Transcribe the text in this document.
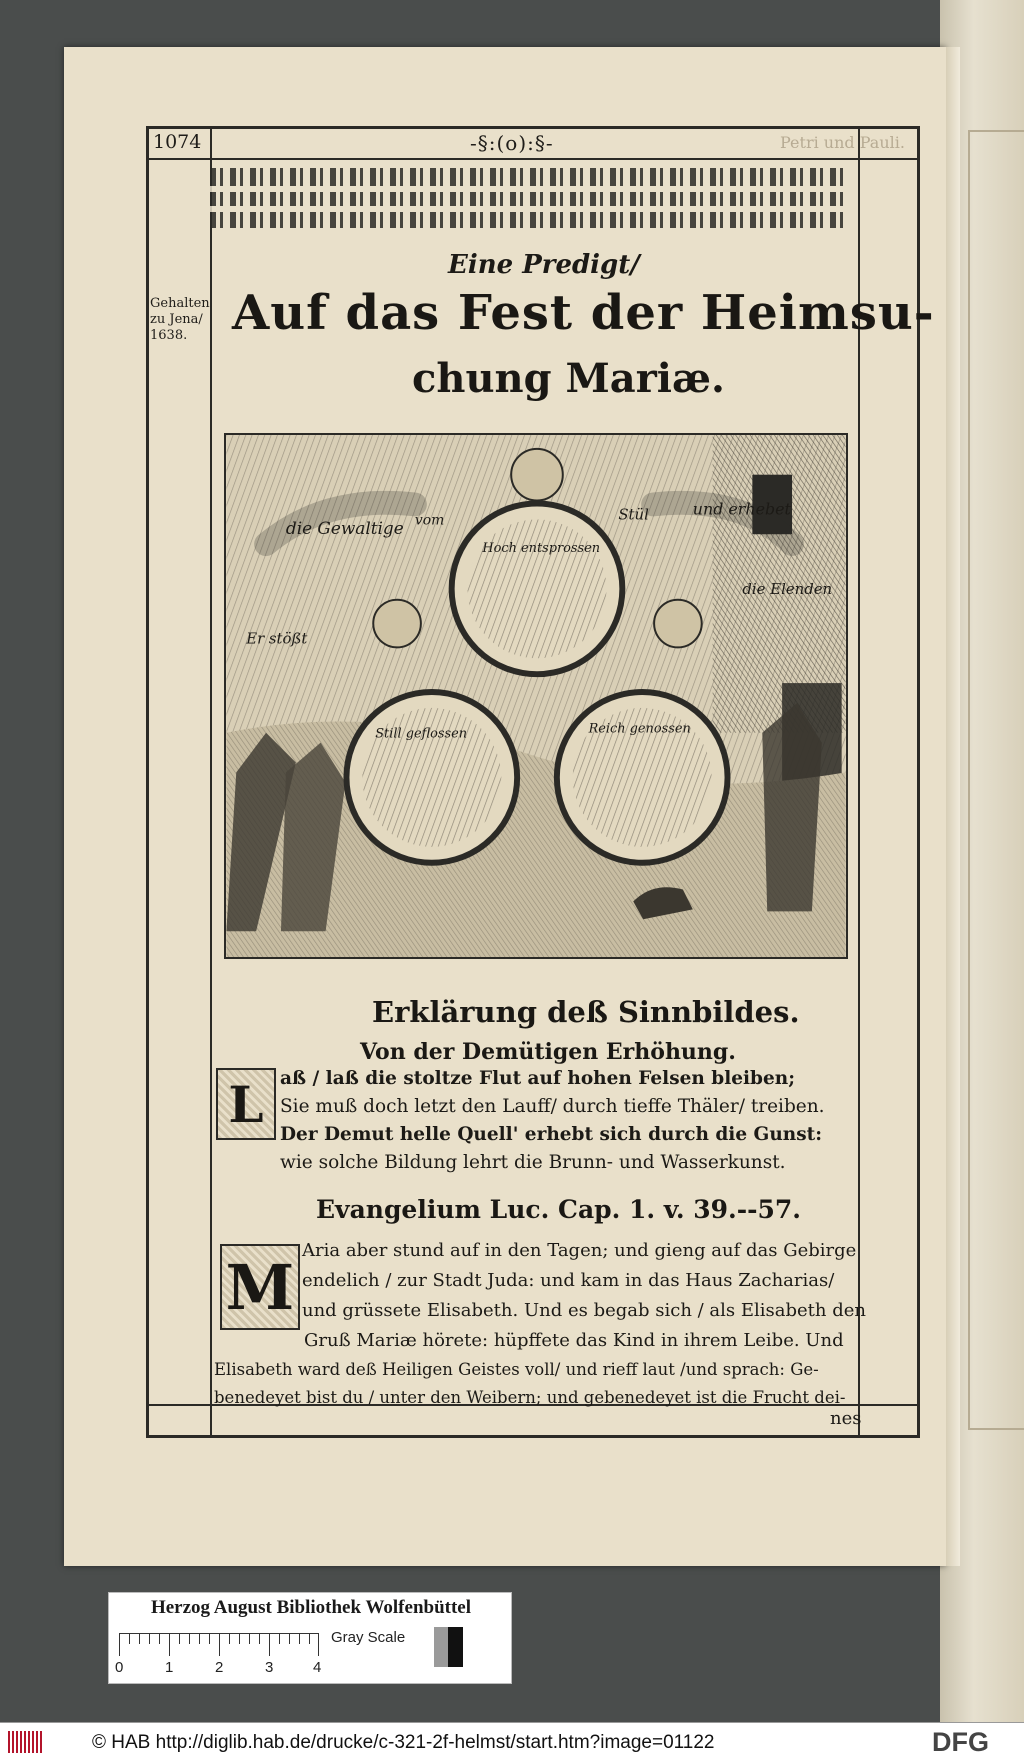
1074	-§:(o):§-	Petri und Pauli.
Gehalten zu Jena/ 1638.
Eine Predigt/
Auf das Fest der Heimsu-
chung Mariæ.
die Gewaltige
Er stößt
vom	Stül	und erhebet
die Elenden
Hoch entsprossen
Still geflossen	Reich genossen
Erklärung deß Sinnbildes.
Von der Demütigen Erhöhung.
L aß / laß die stoltze Flut auf hohen Felsen bleiben;
Sie muß doch letzt den Lauff/ durch tieffe Thäler/ treiben.
Der Demut helle Quell' erhebt sich durch die Gunst:
wie solche Bildung lehrt die Brunn- und Wasserkunst.
Evangelium Luc. Cap. 1. v. 39.--57.
M Aria aber stund auf in den Tagen; und gieng auf das Gebirge
endelich / zur Stadt Juda: und kam in das Haus Zacharias/
und grüssete Elisabeth. Und es begab sich / als Elisabeth den
Gruß Mariæ hörete: hüpffete das Kind in ihrem Leibe. Und
Elisabeth ward deß Heiligen Geistes voll/ und rieff laut /und sprach: Ge-
benedeyet bist du / unter den Weibern; und gebenedeyet ist die Frucht dei-
nes
Herzog August Bibliothek Wolfenbüttel
0	1	2	3	4
Gray Scale
© HAB http://diglib.hab.de/drucke/c-321-2f-helmst/start.htm?image=01122	DFG
